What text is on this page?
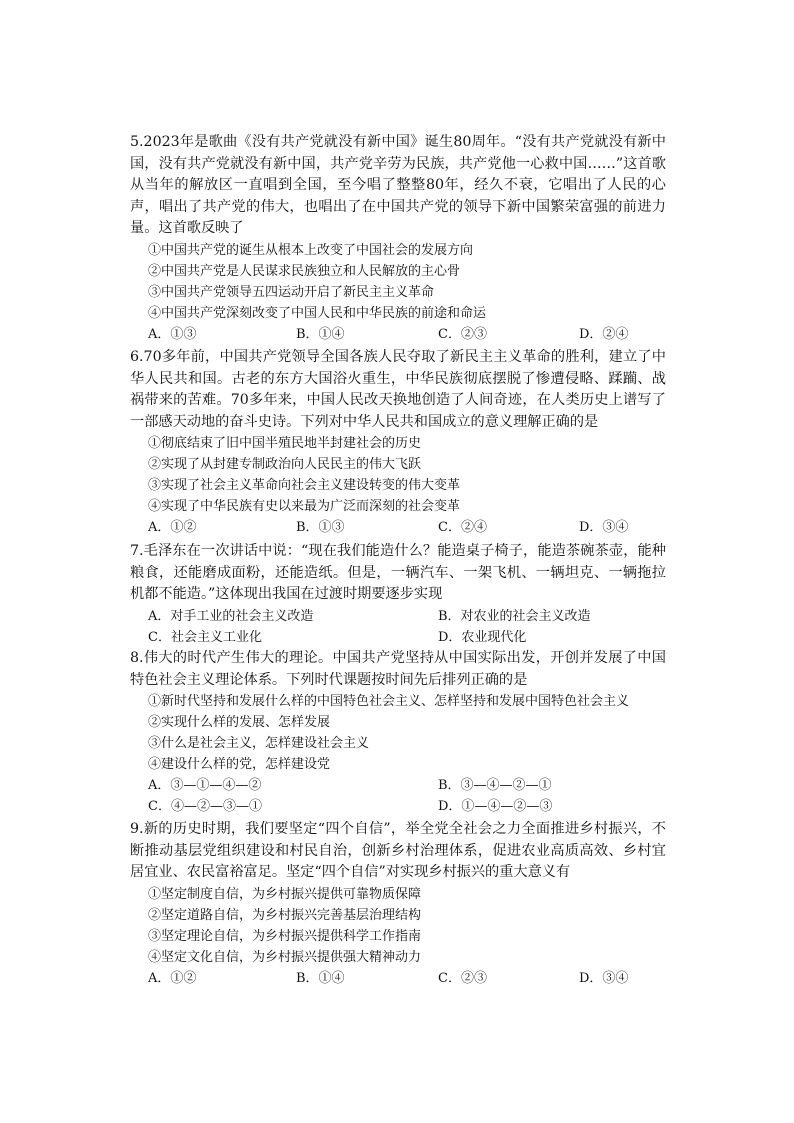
5.2023年是歌曲《没有共产党就没有新中国》诞生80周年。“没有共产党就没有新中国，没有共产党就没有新中国，共产党辛劳为民族，共产党他一心救中国……”这首歌从当年的解放区一直唱到全国，至今唱了整整80年，经久不衰，它唱出了人民的心声，唱出了共产党的伟大，也唱出了在中国共产党的领导下新中国繁荣富强的前进力量。这首歌反映了

①中国共产党的诞生从根本上改变了中国社会的发展方向

②中国共产党是人民谋求民族独立和人民解放的主心骨

③中国共产党领导五四运动开启了新民主主义革命

④中国共产党深刻改变了中国人民和中华民族的前途和命运

A．①③	B．①④	C．②③	D．②④

6.70多年前，中国共产党领导全国各族人民夺取了新民主主义革命的胜利，建立了中华人民共和国。古老的东方大国浴火重生，中华民族彻底摆脱了惨遭侵略、蹂躏、战祸带来的苦难。70多年来，中国人民改天换地创造了人间奇迹，在人类历史上谱写了一部感天动地的奋斗史诗。下列对中华人民共和国成立的意义理解正确的是

①彻底结束了旧中国半殖民地半封建社会的历史

②实现了从封建专制政治向人民民主的伟大飞跃

③实现了社会主义革命向社会主义建设转变的伟大变革

④实现了中华民族有史以来最为广泛而深刻的社会变革

A．①②	B．①③	C．②④	D．③④

7.毛泽东在一次讲话中说：“现在我们能造什么？能造桌子椅子，能造茶碗茶壶，能种粮食，还能磨成面粉，还能造纸。但是，一辆汽车、一架飞机、一辆坦克、一辆拖拉机都不能造。”这体现出我国在过渡时期要逐步实现

A．对手工业的社会主义改造	B．对农业的社会主义改造
C．社会主义工业化	D．农业现代化

8.伟大的时代产生伟大的理论。中国共产党坚持从中国实际出发，开创并发展了中国特色社会主义理论体系。下列时代课题按时间先后排列正确的是

①新时代坚持和发展什么样的中国特色社会主义、怎样坚持和发展中国特色社会主义

②实现什么样的发展、怎样发展

③什么是社会主义，怎样建设社会主义

④建设什么样的党，怎样建设党

A．③—①—④—②	B．③—④—②—①
C．④—②—③—①	D．①—④—②—③

9.新的历史时期，我们要坚定“四个自信”，举全党全社会之力全面推进乡村振兴，不断推动基层党组织建设和村民自治，创新乡村治理体系，促进农业高质高效、乡村宜居宜业、农民富裕富足。坚定“四个自信”对实现乡村振兴的重大意义有

①坚定制度自信，为乡村振兴提供可靠物质保障

②坚定道路自信，为乡村振兴完善基层治理结构

③坚定理论自信，为乡村振兴提供科学工作指南

④坚定文化自信，为乡村振兴提供强大精神动力

A．①②	B．①④	C．②③	D．③④
